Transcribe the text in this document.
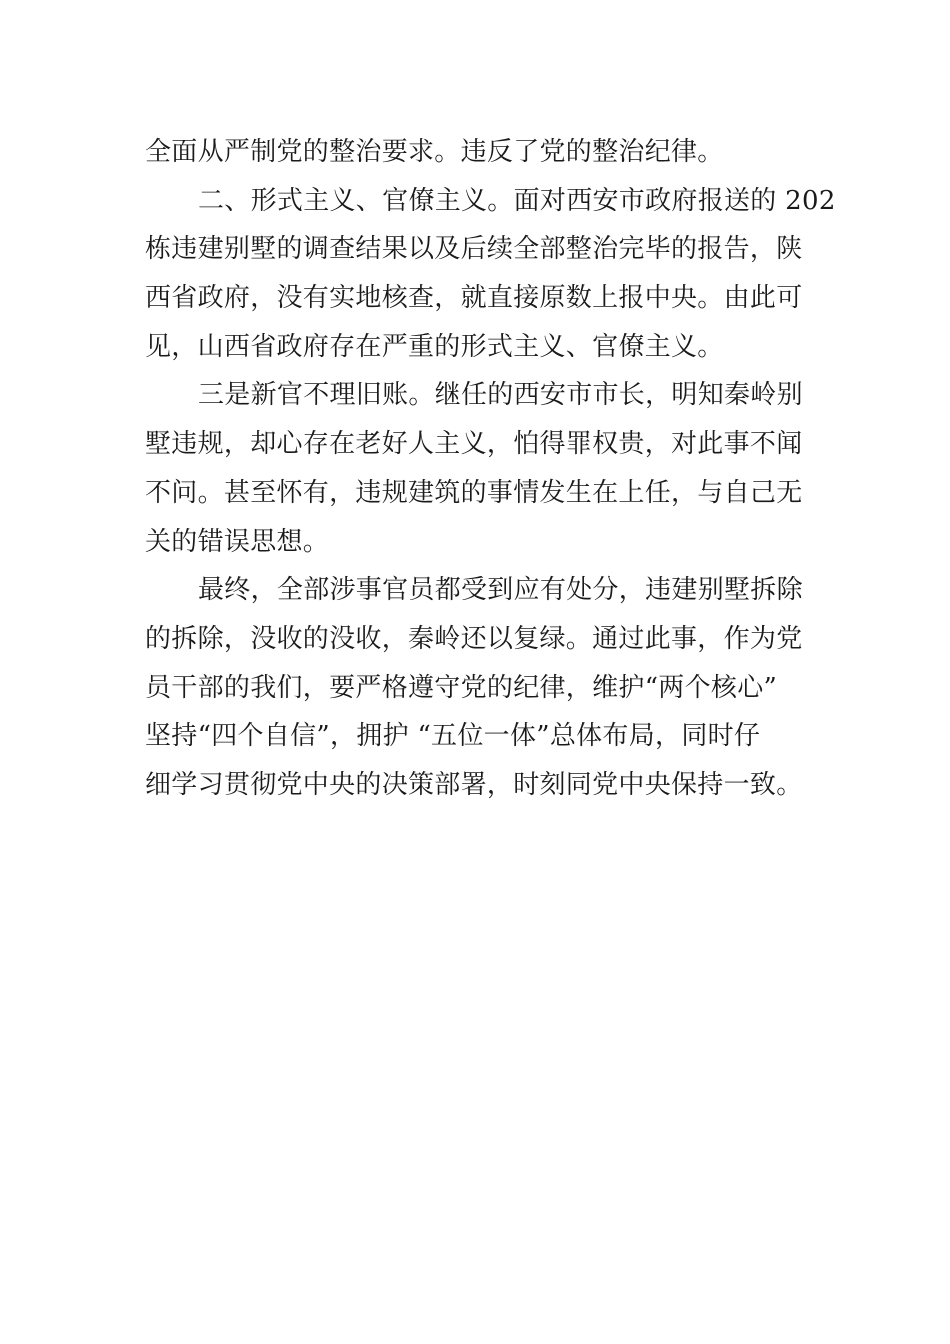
全面从严制党的整治要求。违反了党的整治纪律。
二、形式主义、官僚主义。面对西安市政府报送的 202
栋违建别墅的调查结果以及后续全部整治完毕的报告，陕
西省政府，没有实地核查，就直接原数上报中央。由此可
见，山西省政府存在严重的形式主义、官僚主义。
三是新官不理旧账。继任的西安市市长，明知秦岭别
墅违规，却心存在老好人主义，怕得罪权贵，对此事不闻
不问。甚至怀有，违规建筑的事情发生在上任，与自己无
关的错误思想。
最终，全部涉事官员都受到应有处分，违建别墅拆除
的拆除，没收的没收，秦岭还以复绿。通过此事，作为党
员干部的我们，要严格遵守党的纪律，维护“两个核心”
坚持“四个自信”，拥护 “五位一体”总体布局，同时仔
细学习贯彻党中央的决策部署，时刻同党中央保持一致。
